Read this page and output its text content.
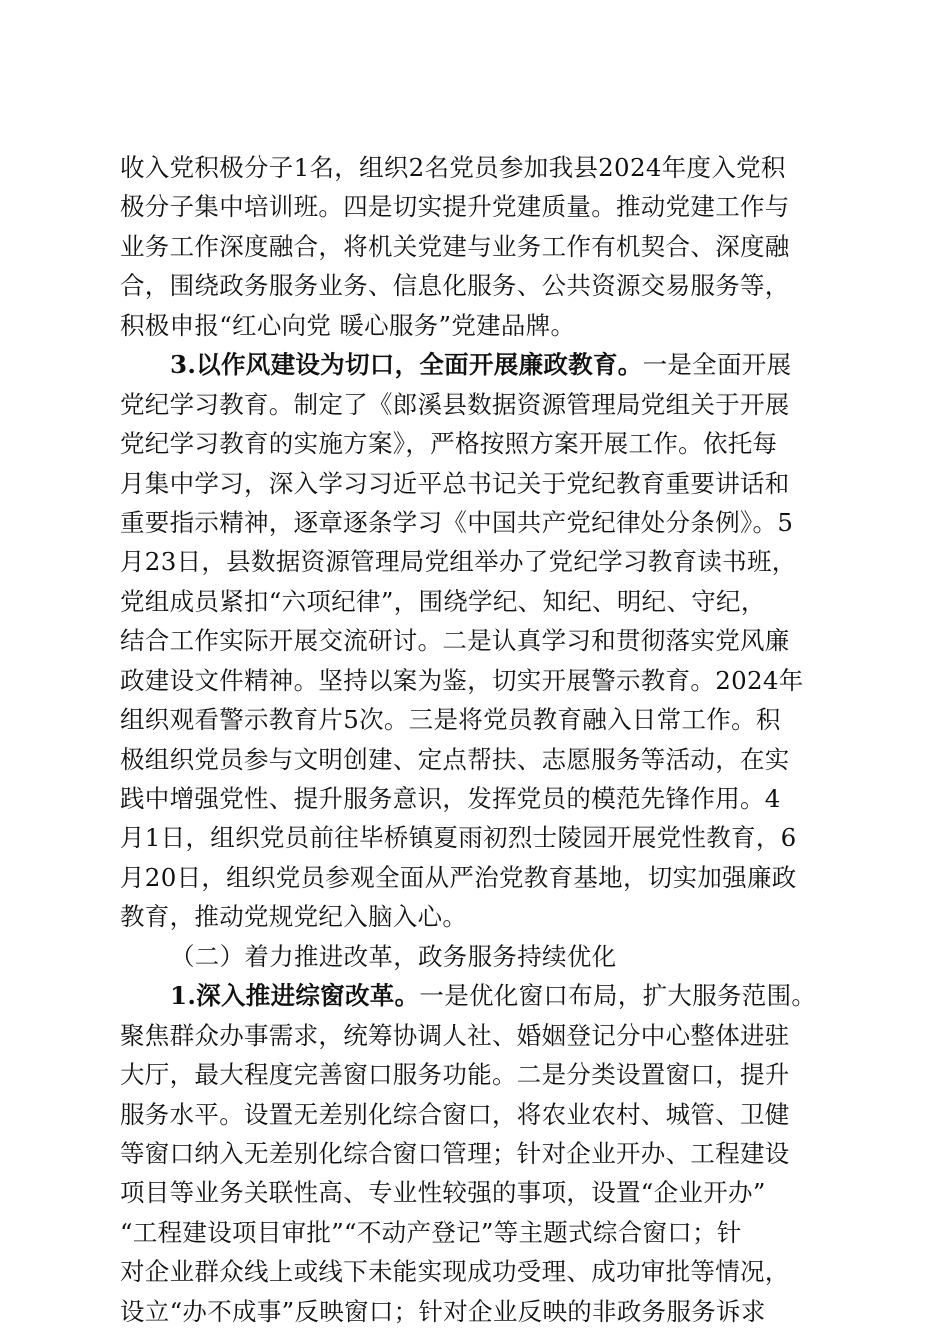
收入党积极分子1名，组织2名党员参加我县2024年度入党积
极分子集中培训班。四是切实提升党建质量。推动党建工作与
业务工作深度融合，将机关党建与业务工作有机契合、深度融
合，围绕政务服务业务、信息化服务、公共资源交易服务等，
积极申报“红心向党 暖心服务”党建品牌。
3.以作风建设为切口，全面开展廉政教育。一是全面开展
党纪学习教育。制定了《郎溪县数据资源管理局党组关于开展
党纪学习教育的实施方案》，严格按照方案开展工作。依托每
月集中学习，深入学习习近平总书记关于党纪教育重要讲话和
重要指示精神，逐章逐条学习《中国共产党纪律处分条例》。5
月23日，县数据资源管理局党组举办了党纪学习教育读书班，
党组成员紧扣“六项纪律”，围绕学纪、知纪、明纪、守纪，
结合工作实际开展交流研讨。二是认真学习和贯彻落实党风廉
政建设文件精神。坚持以案为鉴，切实开展警示教育。2024年
组织观看警示教育片5次。三是将党员教育融入日常工作。积
极组织党员参与文明创建、定点帮扶、志愿服务等活动，在实
践中增强党性、提升服务意识，发挥党员的模范先锋作用。4
月1日，组织党员前往毕桥镇夏雨初烈士陵园开展党性教育，6
月20日，组织党员参观全面从严治党教育基地，切实加强廉政
教育，推动党规党纪入脑入心。
（二）着力推进改革，政务服务持续优化
1.深入推进综窗改革。一是优化窗口布局，扩大服务范围。
聚焦群众办事需求，统筹协调人社、婚姻登记分中心整体进驻
大厅，最大程度完善窗口服务功能。二是分类设置窗口，提升
服务水平。设置无差别化综合窗口，将农业农村、城管、卫健
等窗口纳入无差别化综合窗口管理；针对企业开办、工程建设
项目等业务关联性高、专业性较强的事项，设置“企业开办”
“工程建设项目审批”“不动产登记”等主题式综合窗口；针
对企业群众线上或线下未能实现成功受理、成功审批等情况，
设立“办不成事”反映窗口；针对企业反映的非政务服务诉求
